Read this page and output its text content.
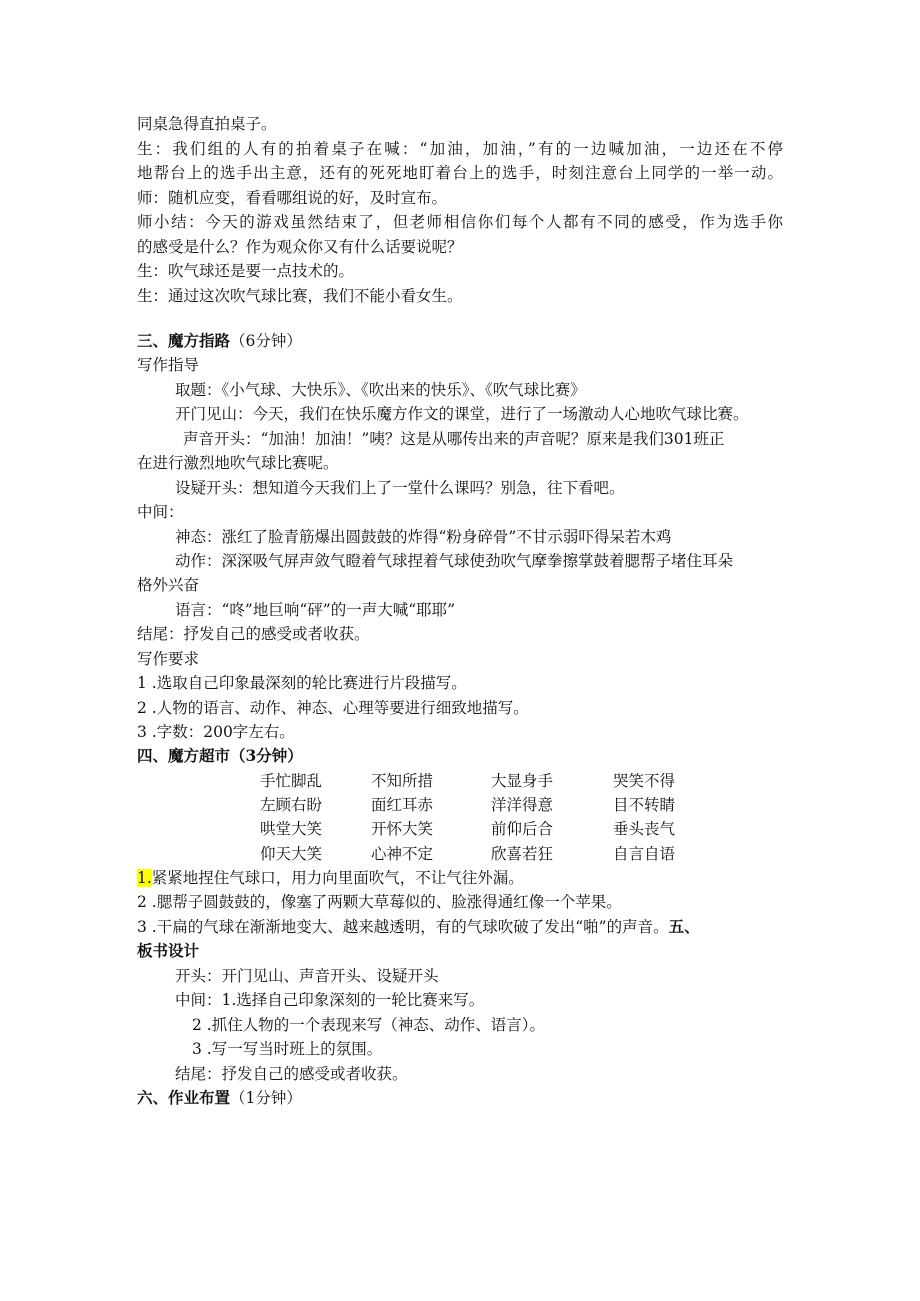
同桌急得直拍桌子。
生：我们组的人有的拍着桌子在喊：“加油，加油，”有的一边喊加油，一边还在不停
地帮台上的选手出主意，还有的死死地盯着台上的选手，时刻注意台上同学的一举一动。
师：随机应变，看看哪组说的好，及时宣布。
师小结：今天的游戏虽然结束了，但老师相信你们每个人都有不同的感受，作为选手你
的感受是什么？作为观众你又有什么话要说呢？
生：吹气球还是要一点技术的。
生：通过这次吹气球比赛，我们不能小看女生。
三、魔方指路（6分钟）
写作指导
取题：《小气球、大快乐》、《吹出来的快乐》、《吹气球比赛》
开门见山：今天，我们在快乐魔方作文的课堂，进行了一场激动人心地吹气球比赛。
声音开头：“加油！加油！”咦？这是从哪传出来的声音呢？原来是我们301班正
在进行激烈地吹气球比赛呢。
设疑开头：想知道今天我们上了一堂什么课吗？别急，往下看吧。
中间：
神态：涨红了脸青筋爆出圆鼓鼓的炸得“粉身碎骨”不甘示弱吓得呆若木鸡
动作：深深吸气屏声敛气瞪着气球捏着气球使劲吹气摩拳擦掌鼓着腮帮子堵住耳朵
格外兴奋
语言：“咚”地巨响“砰”的一声大喊“耶耶”
结尾：抒发自己的感受或者收获。
写作要求
1 .选取自己印象最深刻的轮比赛进行片段描写。
2 .人物的语言、动作、神态、心理等要进行细致地描写。
3 .字数：200字左右。
四、魔方超市（3分钟）
手忙脚乱	不知所措	大显身手	哭笑不得
左顾右盼	面红耳赤	洋洋得意	目不转睛
哄堂大笑	开怀大笑	前仰后合	垂头丧气
仰天大笑	心神不定	欣喜若狂	自言自语
1.紧紧地捏住气球口，用力向里面吹气，不让气往外漏。
2 .腮帮子圆鼓鼓的，像塞了两颗大草莓似的、脸涨得通红像一个苹果。
3 .干扁的气球在渐渐地变大、越来越透明，有的气球吹破了发出“啪”的声音。五、
板书设计
开头：开门见山、声音开头、设疑开头
中间：1.选择自己印象深刻的一轮比赛来写。
2 .抓住人物的一个表现来写（神态、动作、语言）。
3 .写一写当时班上的氛围。
结尾：抒发自己的感受或者收获。
六、作业布置（1分钟）
